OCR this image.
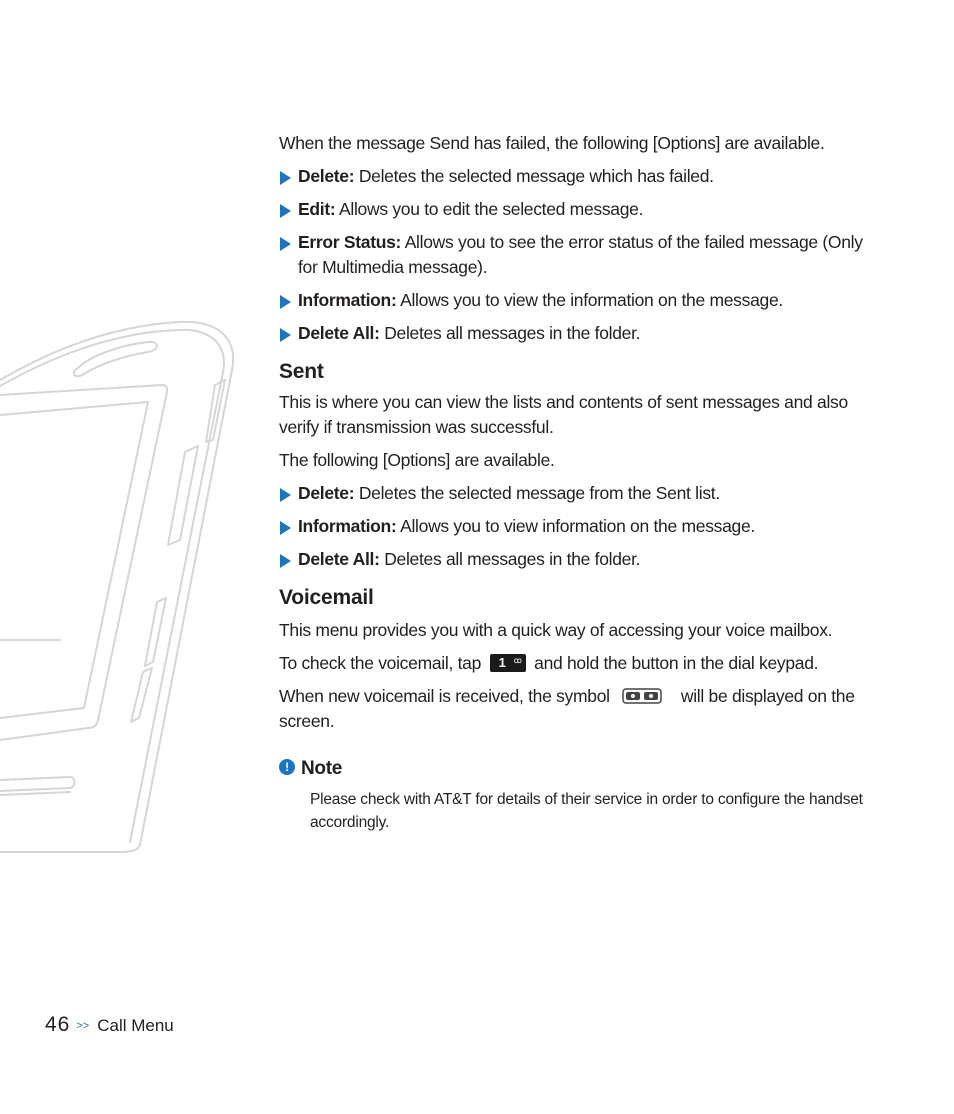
When the message Send has failed, the following [Options] are available.

Delete: Deletes the selected message which has failed.
Edit: Allows you to edit the selected message.
Error Status: Allows you to see the error status of the failed message (Only for Multimedia message).
Information: Allows you to view the information on the message.
Delete All: Deletes all messages in the folder.
Sent

This is where you can view the lists and contents of sent messages and also verify if transmission was successful.

The following [Options] are available.

Delete: Deletes the selected message from the Sent list.
Information: Allows you to view information on the message.
Delete All: Deletes all messages in the folder.
Voicemail

This menu provides you with a quick way of accessing your voice mailbox.

To check the voicemail, tap 1 ꝏ and hold the button in the dial keypad.

When new voicemail is received, the symbol	will be displayed on the screen.

! Note

Please check with AT&T for details of their service in order to configure the handset accordingly.

46 >> Call Menu
